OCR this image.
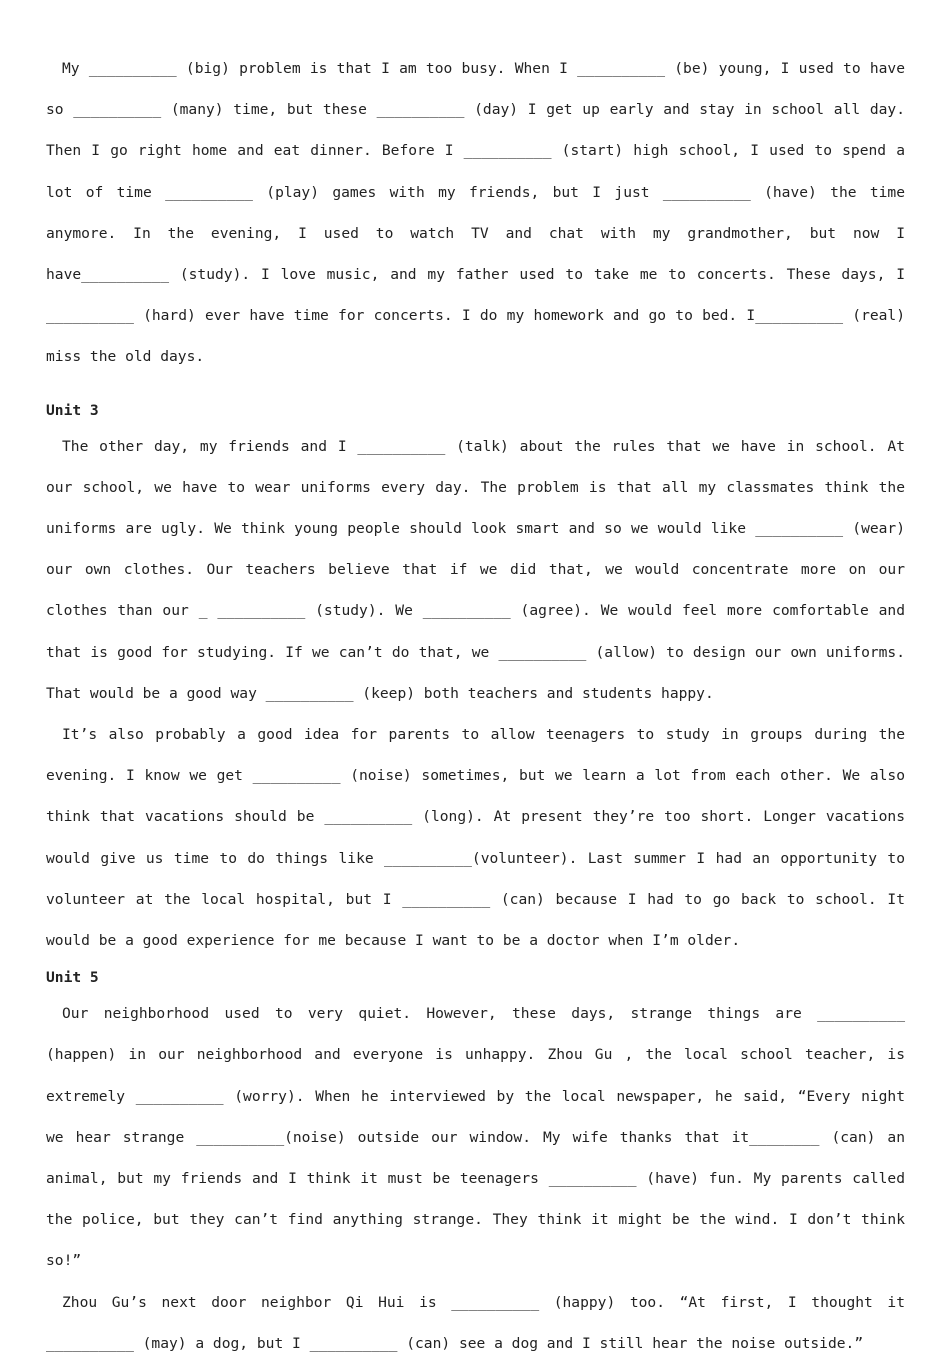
My __________ (big) problem is that I am too busy. When I __________ (be) young, I used to have so __________ (many) time, but these __________ (day) I get up early and stay in school all day. Then I go right home and eat dinner. Before I __________ (start) high school, I used to spend a lot of time __________ (play) games with my friends, but I just __________ (have) the time anymore. In the evening, I used to watch TV and chat with my grandmother, but now I have__________ (study). I love music, and my father used to take me to concerts. These days, I __________ (hard) ever have time for concerts. I do my homework and go to bed. I__________ (real) miss the old days.

Unit 3

The other day, my friends and I __________ (talk) about the rules that we have in school. At our school, we have to wear uniforms every day. The problem is that all my classmates think the uniforms are ugly. We think young people should look smart and so we would like __________ (wear) our own clothes. Our teachers believe that if we did that, we would concentrate more on our clothes than our _ __________ (study). We __________ (agree). We would feel more comfortable and that is good for studying. If we can’t do that, we __________ (allow) to design our own uniforms. That would be a good way __________ (keep) both teachers and students happy.

It’s also probably a good idea for parents to allow teenagers to study in groups during the evening. I know we get __________ (noise) sometimes, but we learn a lot from each other. We also think that vacations should be __________ (long). At present they’re too short. Longer vacations would give us time to do things like __________(volunteer). Last summer I had an opportunity to volunteer at the local hospital, but I __________ (can) because I had to go back to school. It would be a good experience for me because I want to be a doctor when I’m older.

Unit 5

Our neighborhood used to very quiet. However, these days, strange things are __________ (happen) in our neighborhood and everyone is unhappy. Zhou Gu , the local school teacher, is extremely __________ (worry). When he interviewed by the local newspaper, he said, “Every night we hear strange __________(noise) outside our window. My wife thanks that it________ (can) an animal, but my friends and I think it must be teenagers __________ (have) fun. My parents called the police, but they can’t find anything strange. They think it might be the wind. I don’t think so!”

Zhou Gu’s next door neighbor Qi Hui is __________ (happy) too. “At first, I thought it __________ (may) a dog, but I __________ (can) see a dog and I still hear the noise outside.”
